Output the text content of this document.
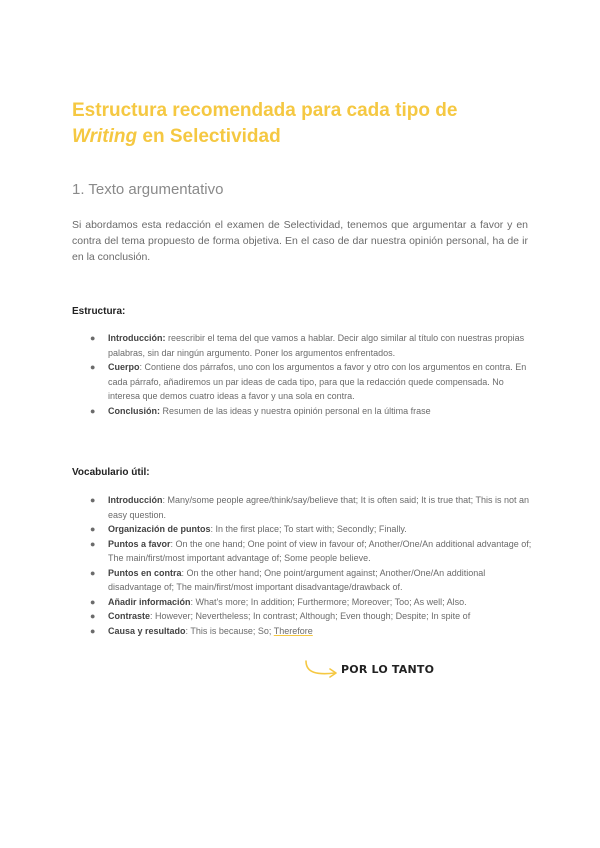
Estructura recomendada para cada tipo de
Writing en Selectividad
1. Texto argumentativo

Si abordamos esta redacción el examen de Selectividad, tenemos que argumentar a favor y en contra del tema propuesto de forma objetiva. En el caso de dar nuestra opinión personal, ha de ir en la conclusión.

Estructura:
● Introducción: reescribir el tema del que vamos a hablar. Decir algo similar al título con nuestras propias palabras, sin dar ningún argumento. Poner los argumentos enfrentados.
● Cuerpo: Contiene dos párrafos, uno con los argumentos a favor y otro con los argumentos en contra. En cada párrafo, añadiremos un par ideas de cada tipo, para que la redacción quede compensada. No interesa que demos cuatro ideas a favor y una sola en contra.
● Conclusión: Resumen de las ideas y nuestra opinión personal en la última frase
Vocabulario útil:
● Introducción: Many/some people agree/think/say/believe that; It is often said; It is true that; This is not an easy question.
● Organización de puntos: In the first place; To start with; Secondly; Finally.
● Puntos a favor: On the one hand; One point of view in favour of; Another/One/An additional advantage of; The main/first/most important advantage of; Some people believe.
● Puntos en contra: On the other hand; One point/argument against; Another/One/An additional disadvantage of; The main/first/most important disadvantage/drawback of.
● Añadir información: What's more; In addition; Furthermore; Moreover; Too; As well; Also.
● Contraste: However; Nevertheless; In contrast; Although; Even though; Despite; In spite of
● Causa y resultado: This is because; So; Therefore
POR LO TANTO
